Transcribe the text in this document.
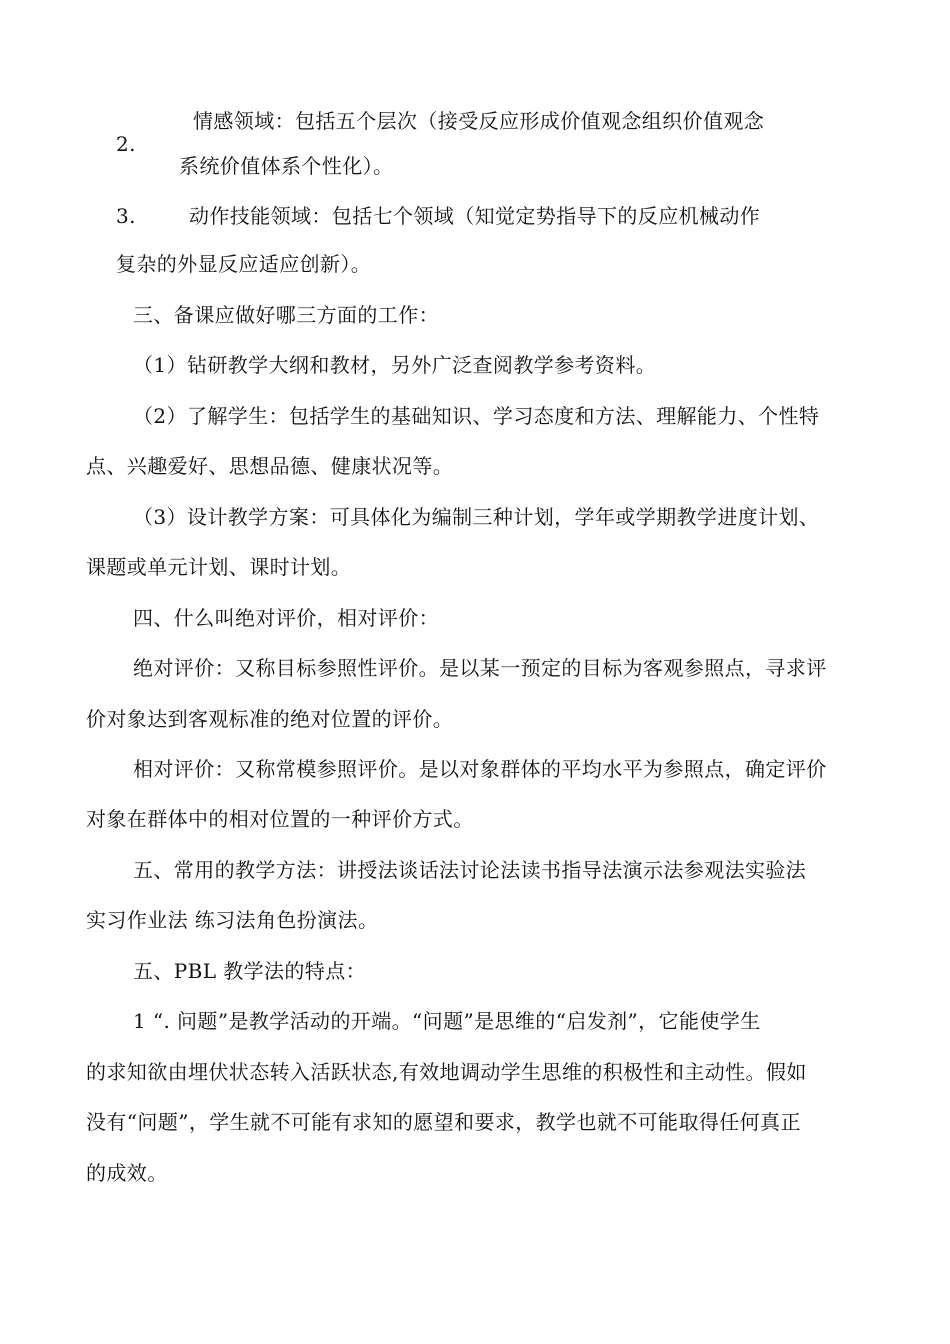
2.
情感领域：包括五个层次（接受反应形成价值观念组织价值观念
系统价值体系个性化）。
3.	动作技能领域：包括七个领域（知觉定势指导下的反应机械动作
复杂的外显反应适应创新）。
三、备课应做好哪三方面的工作：
（1）钻研教学大纲和教材，另外广泛查阅教学参考资料。
（2）了解学生：包括学生的基础知识、学习态度和方法、理解能力、个性特
点、兴趣爱好、思想品德、健康状况等。
（3）设计教学方案：可具体化为编制三种计划，学年或学期教学进度计划、
课题或单元计划、课时计划。
四、什么叫绝对评价，相对评价：
绝对评价：又称目标参照性评价。是以某一预定的目标为客观参照点，寻求评
价对象达到客观标准的绝对位置的评价。
相对评价：又称常模参照评价。是以对象群体的平均水平为参照点，确定评价
对象在群体中的相对位置的一种评价方式。
五、常用的教学方法：讲授法谈话法讨论法读书指导法演示法参观法实验法
实习作业法 练习法角色扮演法。
五、PBL 教学法的特点：
1 “. 问题”是教学活动的开端。“问题”是思维的“启发剂”，它能使学生
的求知欲由埋伏状态转入活跃状态,有效地调动学生思维的积极性和主动性。假如
没有“问题”，学生就不可能有求知的愿望和要求，教学也就不可能取得任何真正
的成效。
